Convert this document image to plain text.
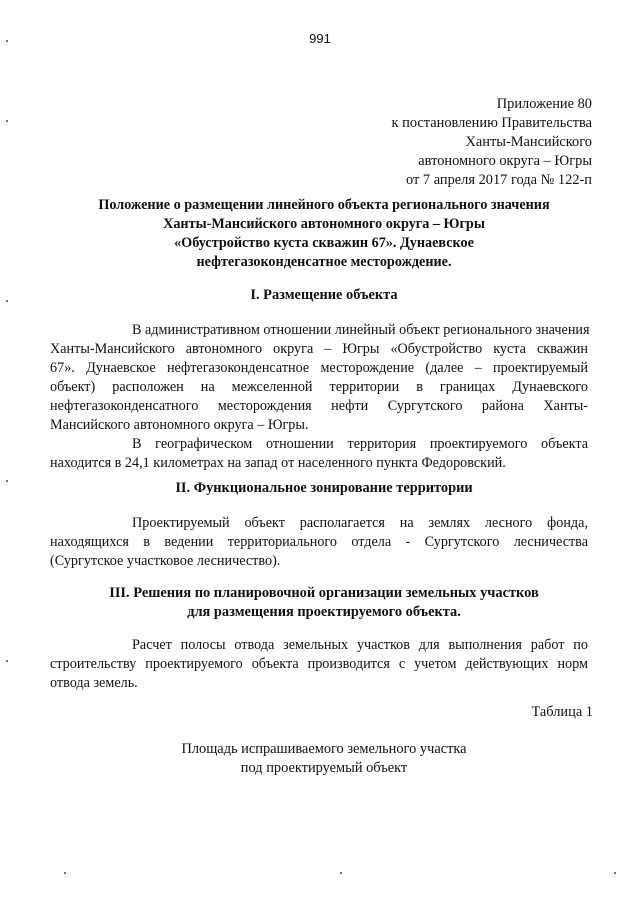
991
Приложение 80
к постановлению Правительства
Ханты-Мансийского
автономного округа – Югры
от 7 апреля 2017 года № 122-п
Положение о размещении линейного объекта регионального значения
Ханты-Мансийского автономного округа – Югры
«Обустройство куста скважин 67». Дунаевское
нефтегазоконденсатное месторождение.
I. Размещение объекта
В административном отношении линейный объект регионального значения
Ханты-Мансийского автономного округа – Югры «Обустройство куста скважин
67». Дунаевское нефтегазоконденсатное месторождение (далее – проектируемый
объект) расположен на межселенной территории в границах Дунаевского
нефтегазоконденсатного месторождения нефти Сургутского района Ханты-
Мансийского автономного округа – Югры.
В географическом отношении территория проектируемого объекта
находится в 24,1 километрах на запад от населенного пункта Федоровский.
II. Функциональное зонирование территории
Проектируемый объект располагается на землях лесного фонда,
находящихся в ведении территориального отдела - Сургутского лесничества
(Сургутское участковое лесничество).
III. Решения по планировочной организации земельных участков
для размещения проектируемого объекта.
Расчет полосы отвода земельных участков для выполнения работ по
строительству проектируемого объекта производится с учетом действующих норм
отвода земель.
Таблица 1
Площадь испрашиваемого земельного участка
под проектируемый объект
